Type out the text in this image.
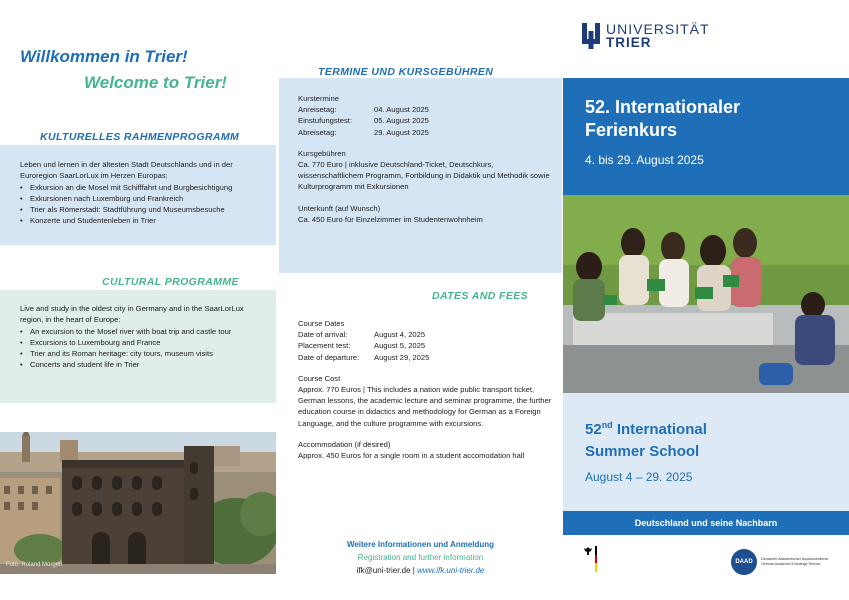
Willkommen in Trier!
Welcome to Trier!
KULTURELLES RAHMENPROGRAMM
Leben und lernen in der ältesten Stadt Deutschlands und in der Euroregion SaarLorLux im Herzen Europas:
• Exkursion an die Mosel mit Schifffahrt und Burgbesichtigung
• Exkursionen nach Luxemburg und Frankreich
• Trier als Römerstadt: Stadtführung und Museumsbesuche
• Konzerte und Studentenleben in Trier
CULTURAL PROGRAMME
Live and study in the oldest city in Germany and in the SaarLorLux region, in the heart of Europe:
• An excursion to the Mosel river with boat trip and castle tour
• Excursions to Luxembourg and France
• Trier and its Roman heritage: city tours, museum visits
• Concerts and student life in Trier
Foto: Roland Morgen
TERMINE UND KURSGEBÜHREN
Kurstermine
Anreisetag:	04. August 2025
Einstufungstest:	05. August 2025
Abreisetag:	29. August 2025
Kursgebühren
Ca. 770 Euro | inklusive Deutschland-Ticket, Deutschkurs, wissenschaftlichem Programm, Fortbildung in Didaktik und Methodik sowie Kulturprogramm mit Exkursionen
Unterkunft (auf Wunsch)
Ca. 450 Euro für Einzelzimmer im Studentenwohnheim
DATES AND FEES
Course Dates
Date of arrival:	August 4, 2025
Placement test:	August 5, 2025
Date of departure:	August 29, 2025
Course Cost
Approx. 770 Euros | This includes a nation wide public transport ticket, German lessons, the academic lecture and seminar programme, the further education course in didactics and methodology for German as a Foreign Language, and the culture programme with excursions.
Accommodation (if desired)
Approx. 450 Euros for a single room in a student accomodation hall
Weitere Informationen und Anmeldung
Registration and further information
ifk@uni-trier.de | www.ifk.uni-trier.de
UNIVERSITÄT
TRIER
52. Internationaler
Ferienkurs
4. bis 29. August 2025
52nd International
Summer School
August 4 – 29. 2025
Deutschland und seine Nachbarn
DAAD	Deutscher Akademischer Austauschdienst
German Academic Exchange Service
